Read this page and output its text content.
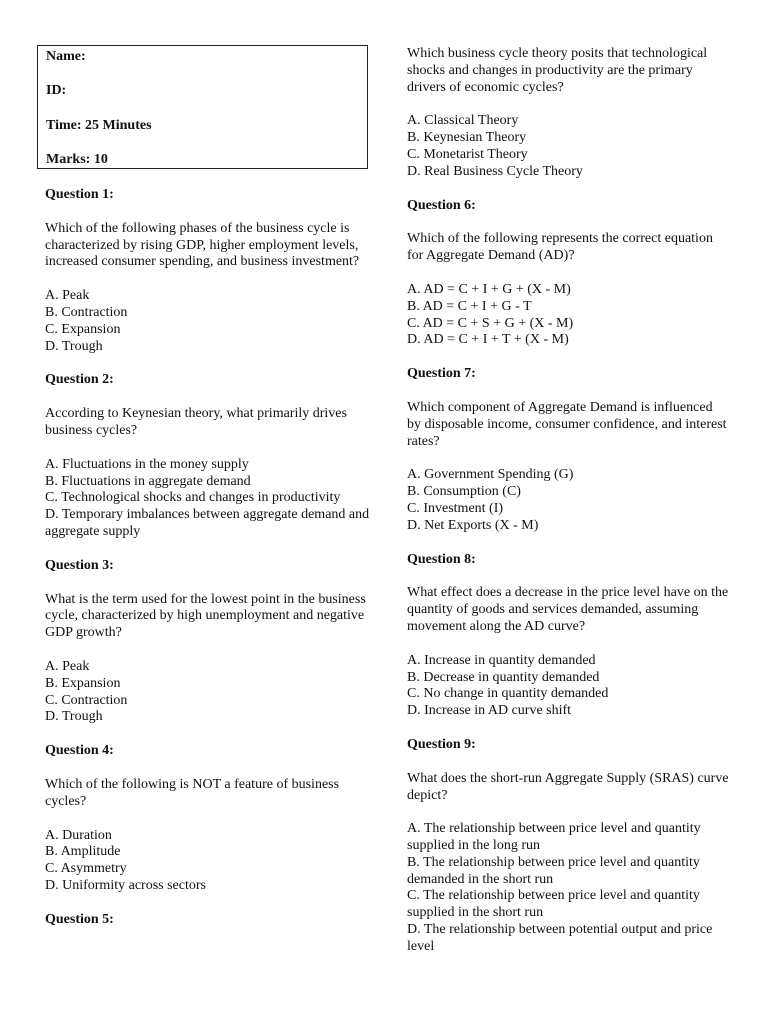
Name:
ID:
Time: 25 Minutes
Marks: 10
Question 1:
Which of the following phases of the business cycle is characterized by rising GDP, higher employment levels, increased consumer spending, and business investment?
A. Peak
B. Contraction
C. Expansion
D. Trough
Question 2:
According to Keynesian theory, what primarily drives business cycles?
A. Fluctuations in the money supply
B. Fluctuations in aggregate demand
C. Technological shocks and changes in productivity
D. Temporary imbalances between aggregate demand and aggregate supply
Question 3:
What is the term used for the lowest point in the business cycle, characterized by high unemployment and negative GDP growth?
A. Peak
B. Expansion
C. Contraction
D. Trough
Question 4:
Which of the following is NOT a feature of business cycles?
A. Duration
B. Amplitude
C. Asymmetry
D. Uniformity across sectors
Question 5:
Which business cycle theory posits that technological shocks and changes in productivity are the primary drivers of economic cycles?
A. Classical Theory
B. Keynesian Theory
C. Monetarist Theory
D. Real Business Cycle Theory
Question 6:
Which of the following represents the correct equation for Aggregate Demand (AD)?
A. AD = C + I + G + (X - M)
B. AD = C + I + G - T
C. AD = C + S + G + (X - M)
D. AD = C + I + T + (X - M)
Question 7:
Which component of Aggregate Demand is influenced by disposable income, consumer confidence, and interest rates?
A. Government Spending (G)
B. Consumption (C)
C. Investment (I)
D. Net Exports (X - M)
Question 8:
What effect does a decrease in the price level have on the quantity of goods and services demanded, assuming movement along the AD curve?
A. Increase in quantity demanded
B. Decrease in quantity demanded
C. No change in quantity demanded
D. Increase in AD curve shift
Question 9:
What does the short-run Aggregate Supply (SRAS) curve depict?
A. The relationship between price level and quantity supplied in the long run
B. The relationship between price level and quantity demanded in the short run
C. The relationship between price level and quantity supplied in the short run
D. The relationship between potential output and price level
